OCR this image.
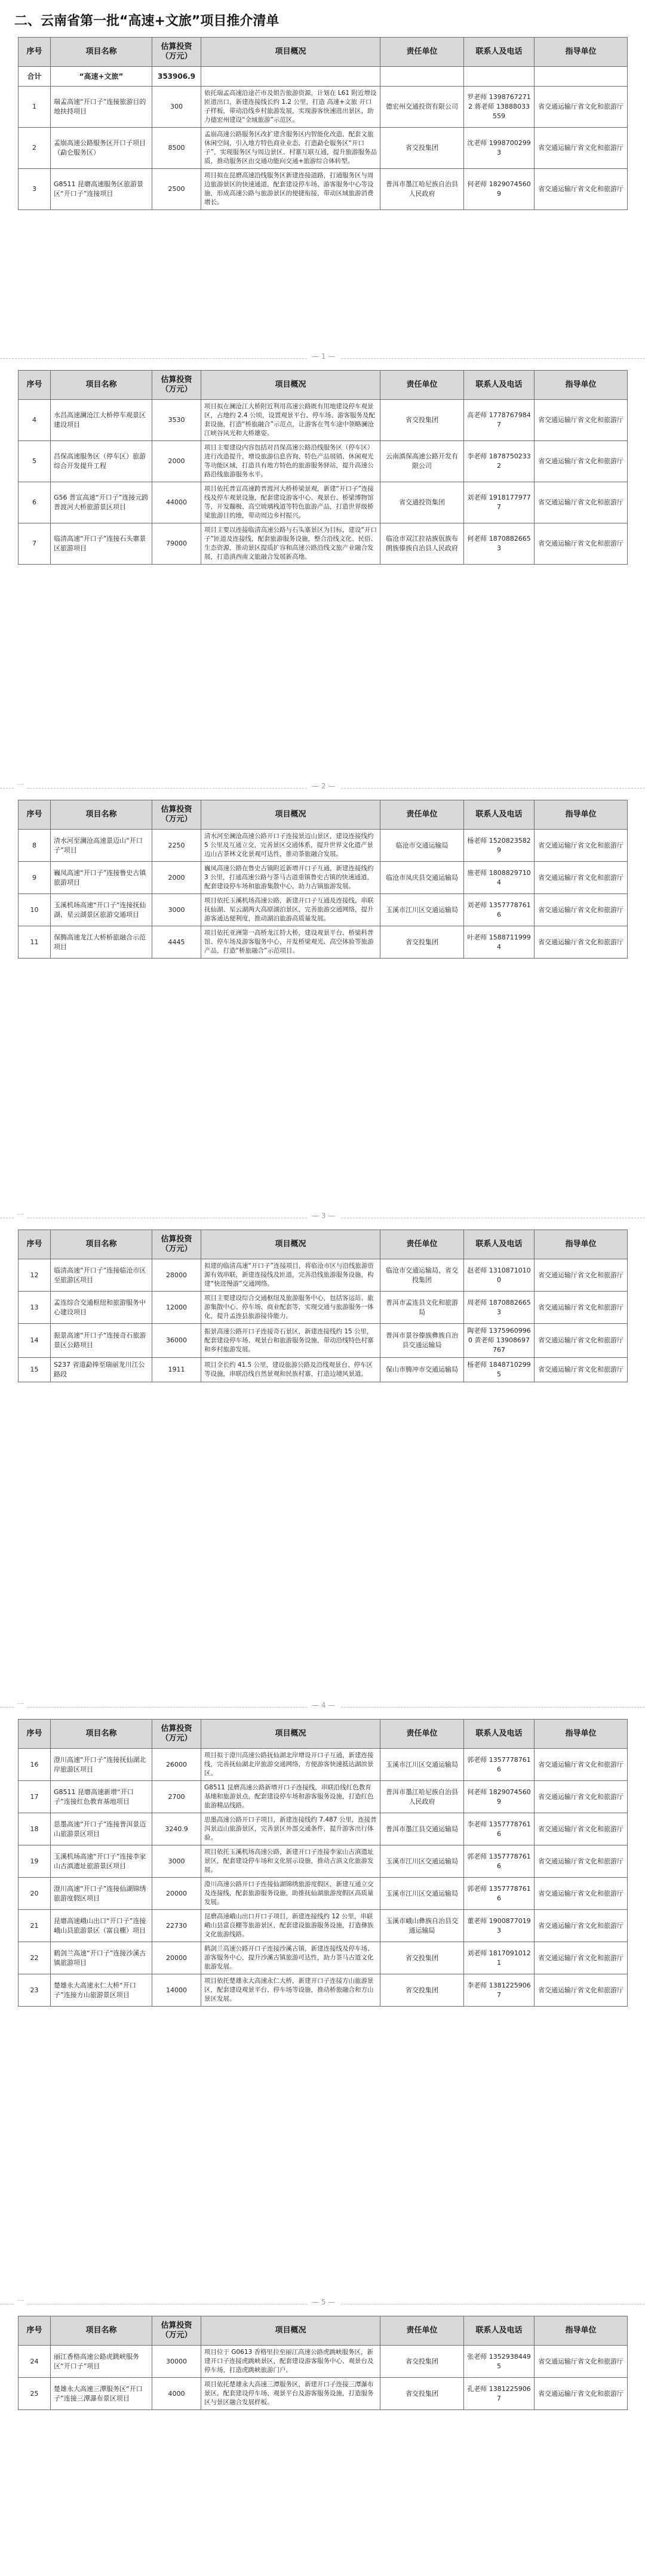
二、云南省第一批“高速+文旅”项目推介清单
— 1 —
一	— 2 —
一	— 3 —
一	— 4 —
一	— 5 —
序号	项目名称	估算投资（万元）	项目概况	责任单位	联系人及电话	指导单位
合计	“高速+文旅”	353906.9				
1	瑞孟高速“开口子”连接旅游目的地扶持项目	300	依托瑞孟高速沿途芒市及姐告旅游资源，计划在 L61 附近增设匝道出口，新建连接线长约 1.2 公里，打造 高速+文旅 开口子样板，带动沿线乡村旅游发展，实现游客快速进出景区，助力德宏州建设“全域旅游”示范区。	德宏州交通投资有限公司	罗老师 13987672712 蒋老师 13888033559	省交通运输厅省文化和旅游厅
2	孟崩高速公路服务区开口子项目（勐仑服务区）	8500	孟崩高速公路服务区改扩建含服务区内智能化改造、配套文旅休闲空间，引入地方特色商业业态，打造勐仑服务区“开口子”，实现服务区与周边景区、村寨互联互通，提升旅游服务品质，推动服务区由交通功能向交通+旅游综合体转型。	省交投集团	沈老师 19987002993	省交通运输厅省文化和旅游厅
3	G8511 昆磨高速服务区旅游景区“开口子”连接项目	2500	项目拟在昆磨高速沿线服务区新建连接道路，打通服务区与周边旅游景区的快速通道，配套建设停车场、游客服务中心等设施，形成高速公路与旅游景区的便捷衔接，带动区域旅游消费增长。	普洱市墨江哈尼族自治县人民政府	何老师 18290745609	省交通运输厅省文化和旅游厅
序号	项目名称	估算投资（万元）	项目概况	责任单位	联系人及电话	指导单位
4	水昌高速澜沧江大桥停车观景区建设项目	3530	项目拟在澜沧江大桥附近利用高速公路既有用地建设停车观景区，占地约 2.4 公顷，设置观景平台、停车场、游客服务及配套设施，打造“桥旅融合”示范点，让游客在驾车途中领略澜沧江峡谷风光和大桥雄姿。	省交投集团	高老师 17787679847	省交通运输厅省文化和旅游厅
5	昌保高速服务区（停车区）旅游综合开发提升工程	2000	项目主要建设内容包括对昌保高速公路沿线服务区（停车区）进行改造提升，增设旅游信息咨询、特色产品展销、休闲观光等功能区域，打造具有地方特色的旅游服务驿站，提升高速公路沿线旅游服务水平。	云南滇保高速公路开发有限公司	李老师 18787502332	省交通运输厅省文化和旅游厅
6	G56 普宣高速“开口子”连接元跨普渡河大桥旅游景区项目	44000	项目依托普宣高速跨普渡河大桥桥梁景观，新建“开口子”连接线及停车观景设施，配套建设游客中心、观景台、桥梁博物馆等，开发蹦极、高空玻璃栈道等特色旅游产品，打造世界级桥梁旅游目的地，带动周边乡村振兴。	省交通投资集团	刘老师 19181779777	省交通运输厅省文化和旅游厅
7	临清高速“开口子”连接石头寨景区旅游项目	79000	项目主要以连接临清高速公路与石头寨景区为目标，建设“开口子”匝道及连接线，配套旅游服务设施，整合沿线文化、民俗、生态资源，推动景区提质扩容和高速公路沿线文旅产业融合发展，打造滇西南文旅融合发展新高地。	临沧市双江拉祜族佤族布朗族傣族自治县人民政府	何老师 18708826653	省交通运输厅省文化和旅游厅
序号	项目名称	估算投资（万元）	项目概况	责任单位	联系人及电话	指导单位
8	清水河至澜沧高速景迈山“开口子”项目	2250	清水河至澜沧高速公路开口子连接景迈山景区，建设连接线约 5 公里及互通立交，完善景区交通体系，提升世界文化遗产景迈山古茶林文化景观可达性，推动茶旅融合发展。	临沧市交通运输局	杨老师 15208235829	省交通运输厅省文化和旅游厅
9	巍凤高速“开口子”连接鲁史古镇旅游项目	2000	巍凤高速公路在鲁史古镇附近新增开口子互通，新建连接线约 3 公里，打通高速公路与茶马古道重镇鲁史古镇的快速通道，配套建设停车场和旅游集散中心，助力古镇旅游发展。	临沧市凤庆县交通运输局	施老师 18088297104	省交通运输厅省文化和旅游厅
10	玉溪机场高速“开口子”连接抚仙湖、星云湖景区旅游交通项目	3000	项目依托玉溪机场高速公路，新建开口子互通及连接线，串联抚仙湖、星云湖两大高原湖泊景区，完善旅游交通网络，提升游客通达便利度，推动湖泊旅游高质量发展。	玉溪市江川区交通运输局	刘老师 13577787616	省交通运输厅省文化和旅游厅
11	保腾高速龙江大桥桥旅融合示范项目	4445	项目依托亚洲第一高桥龙江特大桥，建设观景平台、桥梁科普馆、停车场及游客服务中心，开发桥梁观光、高空体验等旅游产品，打造“桥旅融合”示范项目。	省交投集团	叶老师 15887119994	省交通运输厅省文化和旅游厅
序号	项目名称	估算投资（万元）	项目概况	责任单位	联系人及电话	指导单位
12	临清高速“开口子”连接临沧市区至旅游区项目	28000	拟建的临清高速“开口子”连接项目，将临沧市区与沿线旅游资源有效串联，新建连接线及匝道，完善沿线旅游服务设施，构建“快进慢游”交通网络。	临沧市交通运输局、省交投集团	赵老师 13108710100	省交通运输厅省文化和旅游厅
13	孟连综合交通枢纽和旅游服务中心建设项目	12000	项目主要建设综合交通枢纽及旅游服务中心，包括客运站、旅游集散中心、停车场、商业配套等，实现交通与旅游服务一体化，提升孟连县旅游接待能力。	普洱市孟连县文化和旅游局	周老师 18708826653	省交通运输厅省文化和旅游厅
14	振景高速“开口子”连接奇石旅游景区公路项目	36000	振景高速公路开口子连接奇石景区，新建连接线约 15 公里，配套建设停车场、观景台和旅游服务设施，带动沿线特色村寨和乡村旅游发展。	普洱市景谷傣族彝族自治县交通运输局	陶老师 13759609960 黄老师 13908697767	省交通运输厅省文化和旅游厅
15	S237 省道勐捧至瑞丽龙川江公路段	1911	项目全长约 41.5 公里，建设旅游公路及沿线观景台、停车区等设施，串联沿线自然景观和民族村寨，打造边境风景道。	保山市腾冲市交通运输局	杨老师 18487102995	省交通运输厅省文化和旅游厅
序号	项目名称	估算投资（万元）	项目概况	责任单位	联系人及电话	指导单位
16	澄川高速“开口子”连接抚仙湖北岸旅游区项目	26000	项目拟于澄川高速公路抚仙湖北岸增设开口子互通，新建连接线，完善抚仙湖北岸旅游交通网络，方便游客快速抵达湖滨景区。	玉溪市江川区交通运输局	郭老师 13577787616	省交通运输厅省文化和旅游厅
17	G8511 昆磨高速新增“开口子”连接红色教育基地项目	2700	G8511 昆磨高速公路新增开口子连接线，串联沿线红色教育基地和旅游景点，配套建设停车场和游客服务设施，打造红色旅游精品线路。	普洱市墨江哈尼族自治县人民政府	何老师 18290745609	省交通运输厅省文化和旅游厅
18	思墨高速“开口子”连接普洱景迈山旅游景区项目	3240.9	思墨高速公路开口子项目，新建连接线约 7.487 公里，连接普洱景迈山旅游景区，完善景区外部交通条件，提升游客出行体验。	普洱市墨江县交通运输局	李老师 13577787616	省交通运输厅省文化和旅游厅
19	玉溪机场高速“开口子”连接李家山古滇遗址旅游景区项目	3000	项目依托玉溪机场高速公路，新建开口子连接李家山古滇遗址景区，配套建设停车场和文化展示设施，推动古滇文化旅游发展。	玉溪市江川区交通运输局	郭老师 13577787616	省交通运输厅省文化和旅游厅
20	澄川高速“开口子”连接仙湖锦绣旅游度假区项目	20000	澄川高速公路开口子连接仙湖锦绣旅游度假区，新建互通立交及连接线，配套旅游服务设施，助推抚仙湖旅游度假区高质量发展。	玉溪市江川区交通运输局	郭老师 13577787616	省交通运输厅省文化和旅游厅
21	昆磨高速峨山出口“开口子”连接峨山县旅游景区（富良棚）项目	22730	昆磨高速峨山出口开口子项目，新建连接线约 12 公里，串联峨山县富良棚等旅游景区，配套建设旅游服务设施，打造彝族文化旅游线路。	玉溪市峨山彝族自治县交通运输局	董老师 19008770193	省交通运输厅省文化和旅游厅
22	鹤剑兰高速“开口子”连接沙溪古镇旅游项目	20000	鹤剑兰高速公路开口子连接沙溪古镇，新建连接线及停车场、游客服务中心，提升沙溪古镇旅游可达性，助力茶马古道文化旅游发展。	省交投集团	刘老师 18170910121	省交通运输厅省文化和旅游厅
23	楚雄永大高速永仁大桥“开口子”连接方山旅游景区项目	14000	项目依托楚雄永大高速永仁大桥，新建开口子连接方山旅游景区，配套建设观景平台、停车场等设施，推动桥旅融合和方山景区发展。	省交投集团	李老师 13812259067	省交通运输厅省文化和旅游厅
序号	项目名称	估算投资（万元）	项目概况	责任单位	联系人及电话	指导单位
24	丽江香格高速公路虎跳峡服务区“开口子”项目	30000	项目位于 G0613 香格里拉至丽江高速公路虎跳峡服务区，新建开口子连接虎跳峡景区，配套建设游客服务中心、观景台及停车场，打造虎跳峡旅游门户。	省交投集团	张老师 13529384495	省交通运输厅省文化和旅游厅
25	楚雄永大高速三潭服务区“开口子”连接三潭瀑布景区项目	4000	项目依托楚雄永大高速三潭服务区，新建开口子连接三潭瀑布景区，配套建设停车场、观景平台及游客服务设施，打造服务区与景区融合发展样板。	省交投集团	孔老师 13812259067	省交通运输厅省文化和旅游厅
